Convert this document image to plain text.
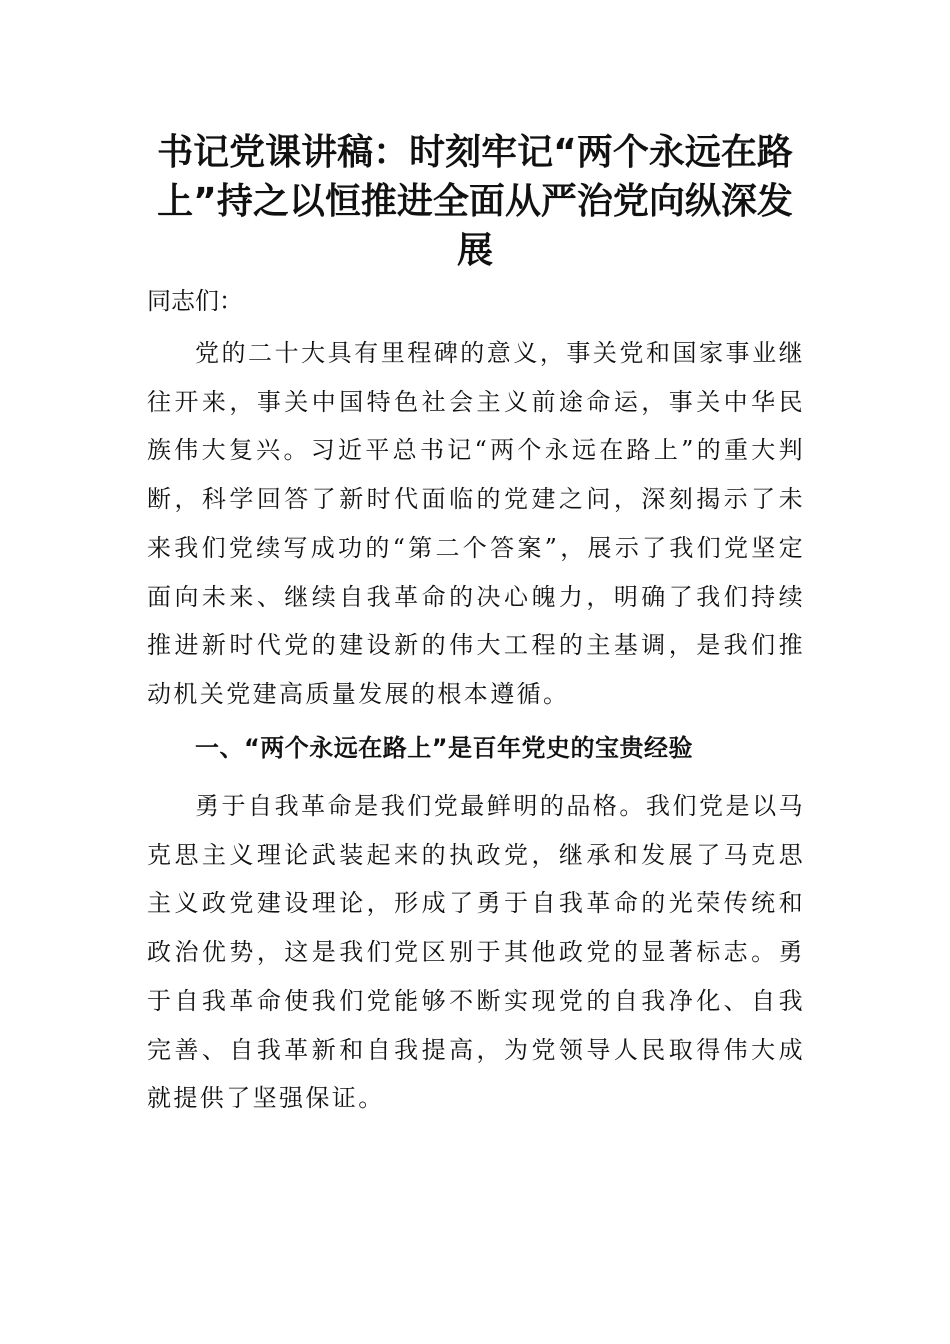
书记党课讲稿：时刻牢记“两个永远在路上”持之以恒推进全面从严治党向纵深发展

同志们：

党的二十大具有里程碑的意义，事关党和国家事业继往开来，事关中国特色社会主义前途命运，事关中华民族伟大复兴。习近平总书记“两个永远在路上”的重大判断，科学回答了新时代面临的党建之问，深刻揭示了未来我们党续写成功的“第二个答案”，展示了我们党坚定面向未来、继续自我革命的决心魄力，明确了我们持续推进新时代党的建设新的伟大工程的主基调，是我们推动机关党建高质量发展的根本遵循。

一、“两个永远在路上”是百年党史的宝贵经验

勇于自我革命是我们党最鲜明的品格。我们党是以马克思主义理论武装起来的执政党，继承和发展了马克思主义政党建设理论，形成了勇于自我革命的光荣传统和政治优势，这是我们党区别于其他政党的显著标志。勇于自我革命使我们党能够不断实现党的自我净化、自我完善、自我革新和自我提高，为党领导人民取得伟大成就提供了坚强保证。
